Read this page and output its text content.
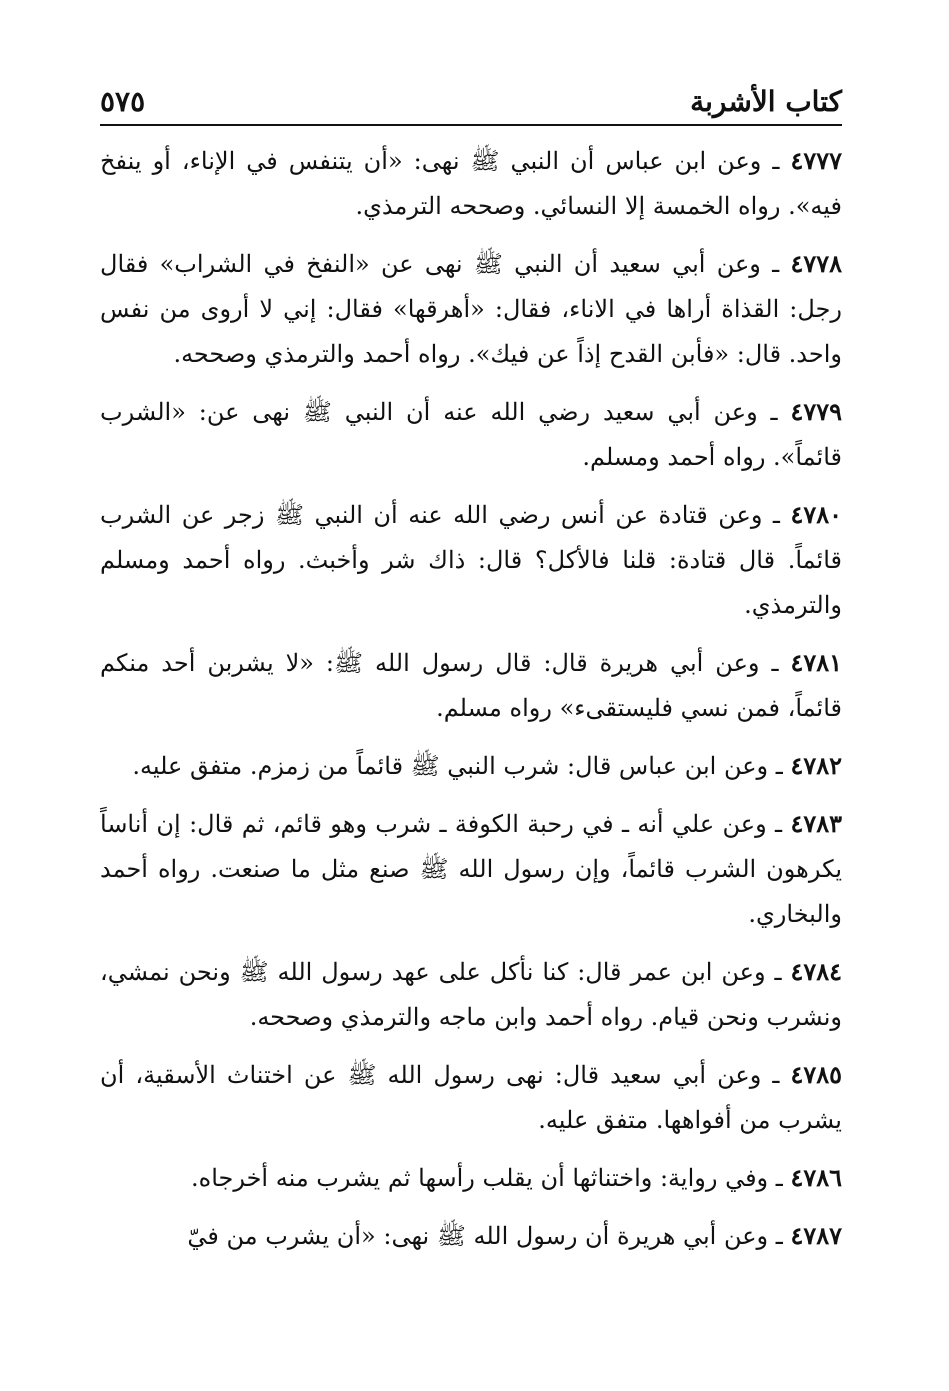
كتاب الأشربة
٥٧٥

٤٧٧٧ ـ وعن ابن عباس أن النبي ﷺ نهى: «أن يتنفس في الإناء، أو ينفخ فيه». رواه الخمسة إلا النسائي. وصححه الترمذي.

٤٧٧٨ ـ وعن أبي سعيد أن النبي ﷺ نهى عن «النفخ في الشراب» فقال رجل: القذاة أراها في الاناء، فقال: «أهرقها» فقال: إني لا أروى من نفس واحد. قال: «فأبن القدح إذاً عن فيك». رواه أحمد والترمذي وصححه.

٤٧٧٩ ـ وعن أبي سعيد رضي الله عنه أن النبي ﷺ نهى عن: «الشرب قائماً». رواه أحمد ومسلم.

٤٧٨٠ ـ وعن قتادة عن أنس رضي الله عنه أن النبي ﷺ زجر عن الشرب قائماً. قال قتادة: قلنا فالأكل؟ قال: ذاك شر وأخبث. رواه أحمد ومسلم والترمذي.

٤٧٨١ ـ وعن أبي هريرة قال: قال رسول الله ﷺ: «لا يشربن أحد منكم قائماً، فمن نسي فليستقىء» رواه مسلم.

٤٧٨٢ ـ وعن ابن عباس قال: شرب النبي ﷺ قائماً من زمزم. متفق عليه.

٤٧٨٣ ـ وعن علي أنه ـ في رحبة الكوفة ـ شرب وهو قائم، ثم قال: إن أناساً يكرهون الشرب قائماً، وإن رسول الله ﷺ صنع مثل ما صنعت. رواه أحمد والبخاري.

٤٧٨٤ ـ وعن ابن عمر قال: كنا نأكل على عهد رسول الله ﷺ ونحن نمشي، ونشرب ونحن قيام. رواه أحمد وابن ماجه والترمذي وصححه.

٤٧٨٥ ـ وعن أبي سعيد قال: نهى رسول الله ﷺ عن اختناث الأسقية، أن يشرب من أفواهها. متفق عليه.

٤٧٨٦ ـ وفي رواية: واختناثها أن يقلب رأسها ثم يشرب منه أخرجاه.

٤٧٨٧ ـ وعن أبي هريرة أن رسول الله ﷺ نهى: «أن يشرب من فيّ
